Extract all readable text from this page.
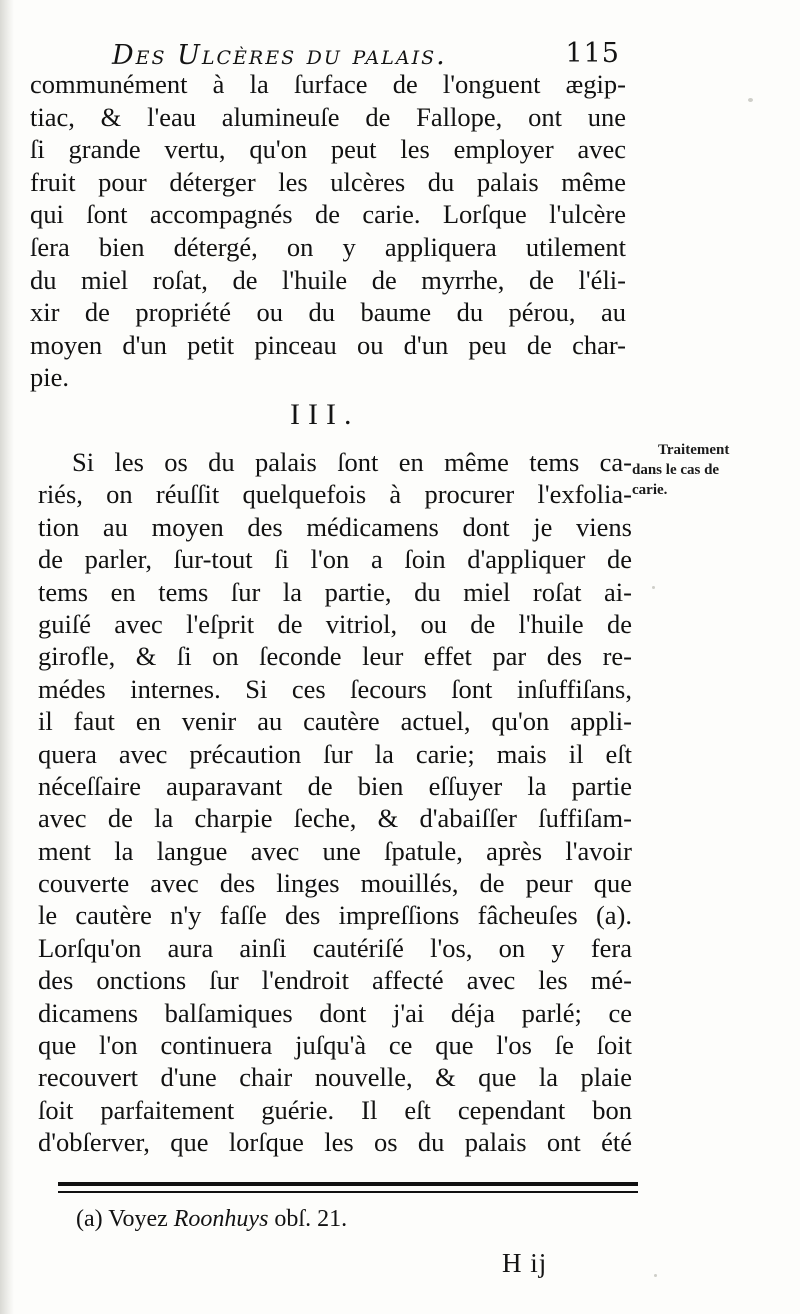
Des Ulcères du palais.	115
communément à la ſurface de l'onguent ægip-
tiac, & l'eau alumineuſe de Fallope, ont une
ſi grande vertu, qu'on peut les employer avec
fruit pour déterger les ulcères du palais même
qui ſont accompagnés de carie. Lorſque l'ulcère
ſera bien détergé, on y appliquera utilement
du miel roſat, de l'huile de myrrhe, de l'éli-
xir de propriété ou du baume du pérou, au
moyen d'un petit pinceau ou d'un peu de char-
pie.
III.
Traitement
dans le cas de
carie.
Si les os du palais ſont en même tems ca-
riés, on réuſſit quelquefois à procurer l'exfolia-
tion au moyen des médicamens dont je viens
de parler, ſur-tout ſi l'on a ſoin d'appliquer de
tems en tems ſur la partie, du miel roſat ai-
guiſé avec l'eſprit de vitriol, ou de l'huile de
girofle, & ſi on ſeconde leur effet par des re-
médes internes. Si ces ſecours ſont inſuffiſans,
il faut en venir au cautère actuel, qu'on appli-
quera avec précaution ſur la carie; mais il eſt
néceſſaire auparavant de bien eſſuyer la partie
avec de la charpie ſeche, & d'abaiſſer ſuffiſam-
ment la langue avec une ſpatule, après l'avoir
couverte avec des linges mouillés, de peur que
le cautère n'y faſſe des impreſſions fâcheuſes (a).
Lorſqu'on aura ainſi cautériſé l'os, on y fera
des onctions ſur l'endroit affecté avec les mé-
dicamens balſamiques dont j'ai déja parlé; ce
que l'on continuera juſqu'à ce que l'os ſe ſoit
recouvert d'une chair nouvelle, & que la plaie
ſoit parfaitement guérie. Il eſt cependant bon
d'obſerver, que lorſque les os du palais ont été
(a) Voyez Roonhuys obſ. 21.
H ij
